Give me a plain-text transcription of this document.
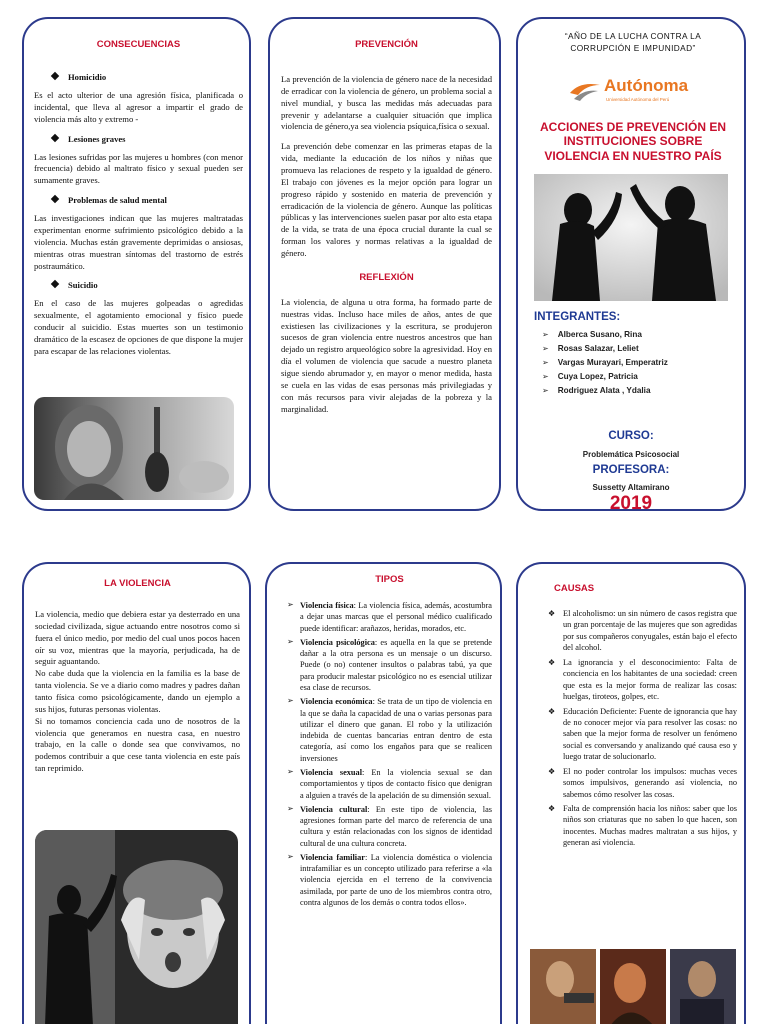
CONSECUENCIAS

Homicidio

Es el acto ulterior de una agresión física, planificada o incidental, que lleva al agresor a impartir el grado de violencia más alto y extremo -

Lesiones graves

Las lesiones sufridas por las mujeres u hombres (con menor frecuencia) debido al maltrato físico y sexual pueden ser sumamente graves.

Problemas de salud mental

Las investigaciones indican que las mujeres maltratadas experimentan enorme sufrimiento psicológico debido a la violencia. Muchas están gravemente deprimidas o ansiosas, mientras otras muestran síntomas del trastorno de estrés postraumático.

Suicidio

En el caso de las mujeres golpeadas o agredidas sexualmente, el agotamiento emocional y físico puede conducir al suicidio. Estas muertes son un testimonio dramático de la escasez de opciones de que dispone la mujer para escapar de las relaciones violentas.

PREVENCIÓN

La prevención de la violencia de género nace de la necesidad de erradicar con la violencia de género, un problema social a nivel mundial, y busca las medidas más adecuadas para prevenir y adelantarse a cualquier situación que implica violencia de género,ya sea violencia psíquica,física o sexual.

La prevención debe comenzar en las primeras etapas de la vida, mediante la educación de los niños y niñas que promueva las relaciones de respeto y la igualdad de género. El trabajo con jóvenes es la mejor opción para lograr un progreso rápido y sostenido en materia de prevención y erradicación de la violencia de género. Aunque las políticas públicas y las intervenciones suelen pasar por alto esta etapa de la vida, se trata de una época crucial durante la cual se forman los valores y normas relativas a la igualdad de género.

REFLEXIÓN

La violencia, de alguna u otra forma, ha formado parte de nuestras vidas. Incluso hace miles de años, antes de que existiesen las civilizaciones y la escritura, se produjeron sucesos de gran violencia entre nuestros ancestros que han dejado un registro arqueológico sobre la agresividad. Hoy en día el volumen de violencia que sacude a nuestro planeta sigue siendo abrumador y, en mayor o menor medida, hasta se cuela en las vidas de esas personas más privilegiadas y con más recursos para vivir alejadas de la pobreza y la marginalidad.

“AÑO DE LA LUCHA CONTRA LA CORRUPCIÓN E IMPUNIDAD”

Autónoma
Universidad Autónoma del Perú

ACCIONES DE PREVENCIÓN EN INSTITUCIONES SOBRE VIOLENCIA EN NUESTRO PAÍS

INTEGRANTES:
➢ Alberca Susano, Rina
➢ Rosas Salazar, Leliet
➢ Vargas Murayari, Emperatriz
➢ Cuya Lopez, Patricia
➢ Rodriguez Alata , Ydalia
CURSO:
Problemática Psicosocial
PROFESORA:
Sussetty Altamirano
2019

LA VIOLENCIA

La violencia, medio que debiera estar ya desterrado en una sociedad civilizada, sigue actuando entre nosotros como si fuera el único medio, por medio del cual unos pocos hacen oír su voz, mientras que la mayoría, perjudicada, ha de seguir aguantando.

No cabe duda que la violencia en la familia es la base de tanta violencia. Se ve a diario como madres y padres dañan tanto física como psicológicamente, dando un ejemplo a sus hijos, futuras personas violentas.

Si no tomamos conciencia cada uno de nosotros de la violencia que generamos en nuestra casa, en nuestro trabajo, en la calle o donde sea que convivamos, no podemos contribuir a que cese tanta violencia en este país tan reprimido.

TIPOS

➢ Violencia física: La violencia física, además, acostumbra a dejar unas marcas que el personal médico cualificado puede identificar: arañazos, heridas, morados, etc.
➢ Violencia psicológica: es aquella en la que se pretende dañar a la otra persona es un mensaje o un discurso. Puede (o no) contener insultos o palabras tabú, ya que para producir malestar psicológico no es esencial utilizar esa clase de recursos.
➢ Violencia económica: Se trata de un tipo de violencia en la que se daña la capacidad de una o varias personas para utilizar el dinero que ganan. El robo y la utilización indebida de cuentas bancarias entran dentro de esta categoría, así como los engaños para que se realicen inversiones
➢ Violencia sexual: En la violencia sexual se dan comportamientos y tipos de contacto físico que denigran a alguien a través de la apelación de su dimensión sexual.
➢ Violencia cultural: En este tipo de violencia, las agresiones forman parte del marco de referencia de una cultura y están relacionadas con los signos de identidad cultural de una cultura concreta.
➢ Violencia familiar: La violencia doméstica o violencia intrafamiliar es un concepto utilizado para referirse a «la violencia ejercida en el terreno de la convivencia asimilada, por parte de uno de los miembros contra otro, contra algunos de los demás o contra todos ellos».

CAUSAS

❖ El alcoholismo: un sin número de casos registra que un gran porcentaje de las mujeres que son agredidas por sus compañeros conyugales, están bajo el efecto del alcohol.
❖ La ignorancia y el desconocimiento: Falta de conciencia en los habitantes de una sociedad: creen que esta es la mejor forma de realizar las cosas: huelgas, tiroteos, golpes, etc.
❖ Educación Deficiente: Fuente de ignorancia que hay de no conocer mejor vía para resolver las cosas: no saben que la mejor forma de resolver un fenómeno social es conversando y analizando qué causa eso y luego tratar de solucionarlo.
❖ El no poder controlar los impulsos: muchas veces somos impulsivos, generando así violencia, no sabemos cómo resolver las cosas.
❖ Falta de comprensión hacia los niños: saber que los niños son criaturas que no saben lo que hacen, son inocentes. Muchas madres maltratan a sus hijos, y generan así violencia.
